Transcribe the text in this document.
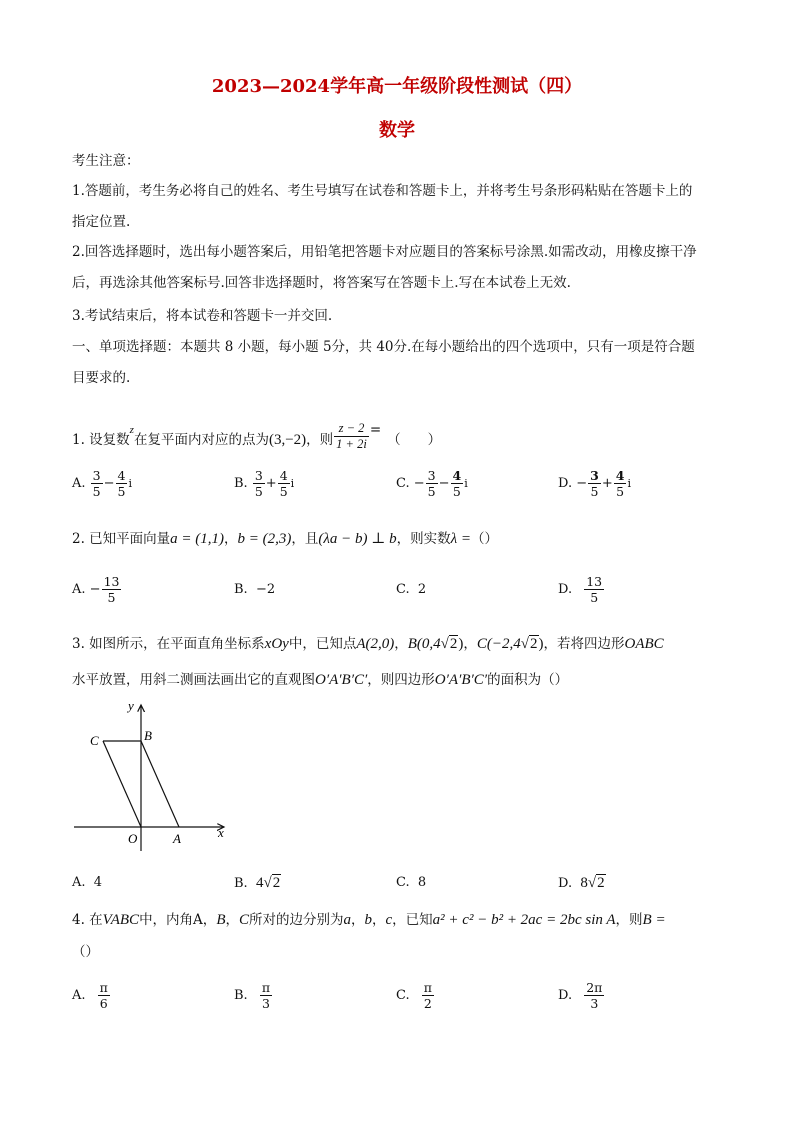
2023—2024学年高一年级阶段性测试（四）
数学
考生注意：
1.答题前，考生务必将自己的姓名、考生号填写在试卷和答题卡上，并将考生号条形码粘贴在答题卡上的
指定位置.
2.回答选择题时，选出每小题答案后，用铅笔把答题卡对应题目的答案标号涂黑.如需改动，用橡皮擦干净
后，再选涂其他答案标号.回答非选择题时，将答案写在答题卡上.写在本试卷上无效.
3.考试结束后，将本试卷和答题卡一并交回.
一、单项选择题：本题共 8 小题，每小题 5分，共 40分.在每小题给出的四个选项中，只有一项是符合题
目要求的.
1. 设复数$^z$在复平面内对应的点为(3,−2)，则 $\frac{z - 2}{1 + 2i}$ =（　　）
A. $\frac{3}{5} - \frac{4}{5}$ i	B. $\frac{3}{5} + \frac{4}{5}$ i	C. − $\frac{3}{5} - \frac{4}{5}$ i	D. − $\frac{3}{5} + \frac{4}{5}$ i
2. 已知平面向量a = (1,1)，b = (2,3)，且(λa − b) ⊥ b，则实数λ =（）
A. − $\frac{13}{5}$	B. −2	C. 2	D. $\frac{13}{5}$
3. 如图所示，在平面直角坐标系xOy中，已知点A(2,0)，B(0,4√2)，C(−2,4√2)，若将四边形OABC
水平放置，用斜二测画法画出它的直观图O′A′B′C′，则四边形O′A′B′C′的面积为（）
y
x
O	A
B
C
A. 4	B. 4√2	C. 8	D. 8√2
4. 在VABC中，内角A，B，C所对的边分别为a，b，c，已知a² + c² − b² + 2ac = 2bc sin A，则B =
（）
A. $\frac{\pi}{6}$	B. $\frac{\pi}{3}$	C. $\frac{\pi}{2}$	D. $\frac{2\pi}{3}$
